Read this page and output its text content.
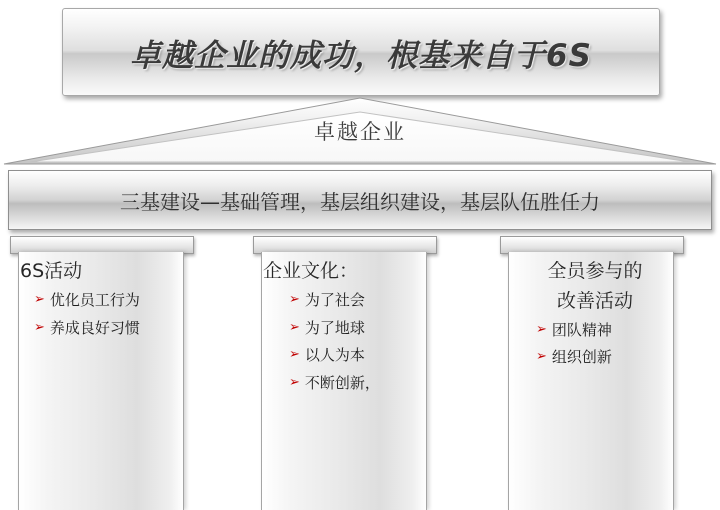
卓越企业的成功，根基来自于6S
卓越企业
三基建设—基础管理，基层组织建设，基层队伍胜任力
6S活动
➢ 优化员工行为
➢ 养成良好习惯
企业文化：
➢ 为了社会
➢ 为了地球
➢ 以人为本
➢ 不断创新，
全员参与的
改善活动
➢ 团队精神
➢ 组织创新
